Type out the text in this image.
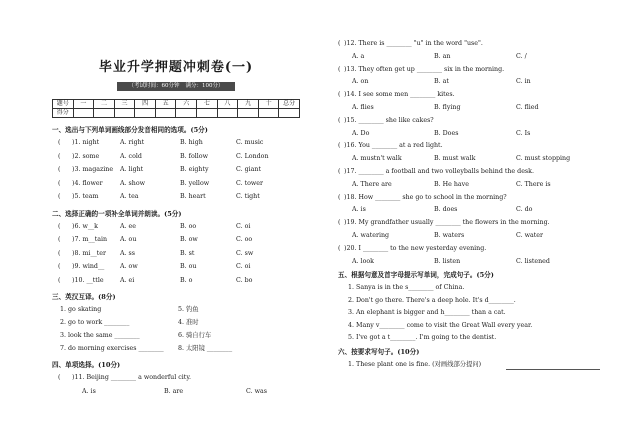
毕业升学押题冲刺卷(一)
（考试时间：60分钟 满分：100分）
题号	一	二	三	四	五	六	七	八	九	十	总分
得分											
一、选出与下列单词画线部分发音相同的选项。(5分)
( )1. night	A. right	B. high	C. music
( )2. some	A. cold	B. follow	C. London
( )3. magazine A. light	B. eighty	C. giant
( )4. flower	A. show	B. yellow	C. tower
( )5. team	A. tea	B. heart	C. tight
二、选择正确的一项补全单词并朗读。(5分)
( )6. w__k	A. ee	B. oo	C. oi
( )7. m__tain A. ou	B. ow	C. oo
( )8. mi__ter A. ss	B. st	C. sw
( )9. wind__ A. ow	B. ou	C. oi
( )10. __ttle	A. ei	B. o	C. bo
三、英汉互译。(8分)
1. go skating	5. 钓鱼
2. go to work ________	4. 准时
3. look the same ________	6. 骑自行车
7. do morning exercises ________ 8. 太阳镜 ________
四、单项选择。(10分)
( )11. Beijing ________ a wonderful city.
A. is	B. are	C. was
( )12. There is ________ "u" in the word "use".
A. a	B. an	C. /
( )13. They often get up ________ six in the morning.
A. on	B. at	C. in
( )14. I see some men ________ kites.
A. flies	B. flying	C. flied
( )15. ________ she like cakes?
A. Do	B. Does	C. Is
( )16. You ________ at a red light.
A. mustn't walk	B. must walk	C. must stopping
( )17. ________ a football and two volleyballs behind the desk.
A. There are	B. He have	C. There is
( )18. How ________ she go to school in the morning?
A. is	B. does	C. do
( )19. My grandfather usually ________ the flowers in the morning.
A. watering	B. waters	C. water
( )20. I ________ to the new yesterday evening.
A. look	B. listen	C. listened
五、根据句意及首字母提示写单词，完成句子。(5分)
1. Sanya is in the s________ of China.
2. Don't go there. There's a deep hole. It's d________.
3. An elephant is bigger and h________ than a cat.
4. Many v________ come to visit the Great Wall every year.
5. I've got a t________. I'm going to the dentist.
六、按要求写句子。(10分)
1. These plant one is fine. (对画线部分提问)
